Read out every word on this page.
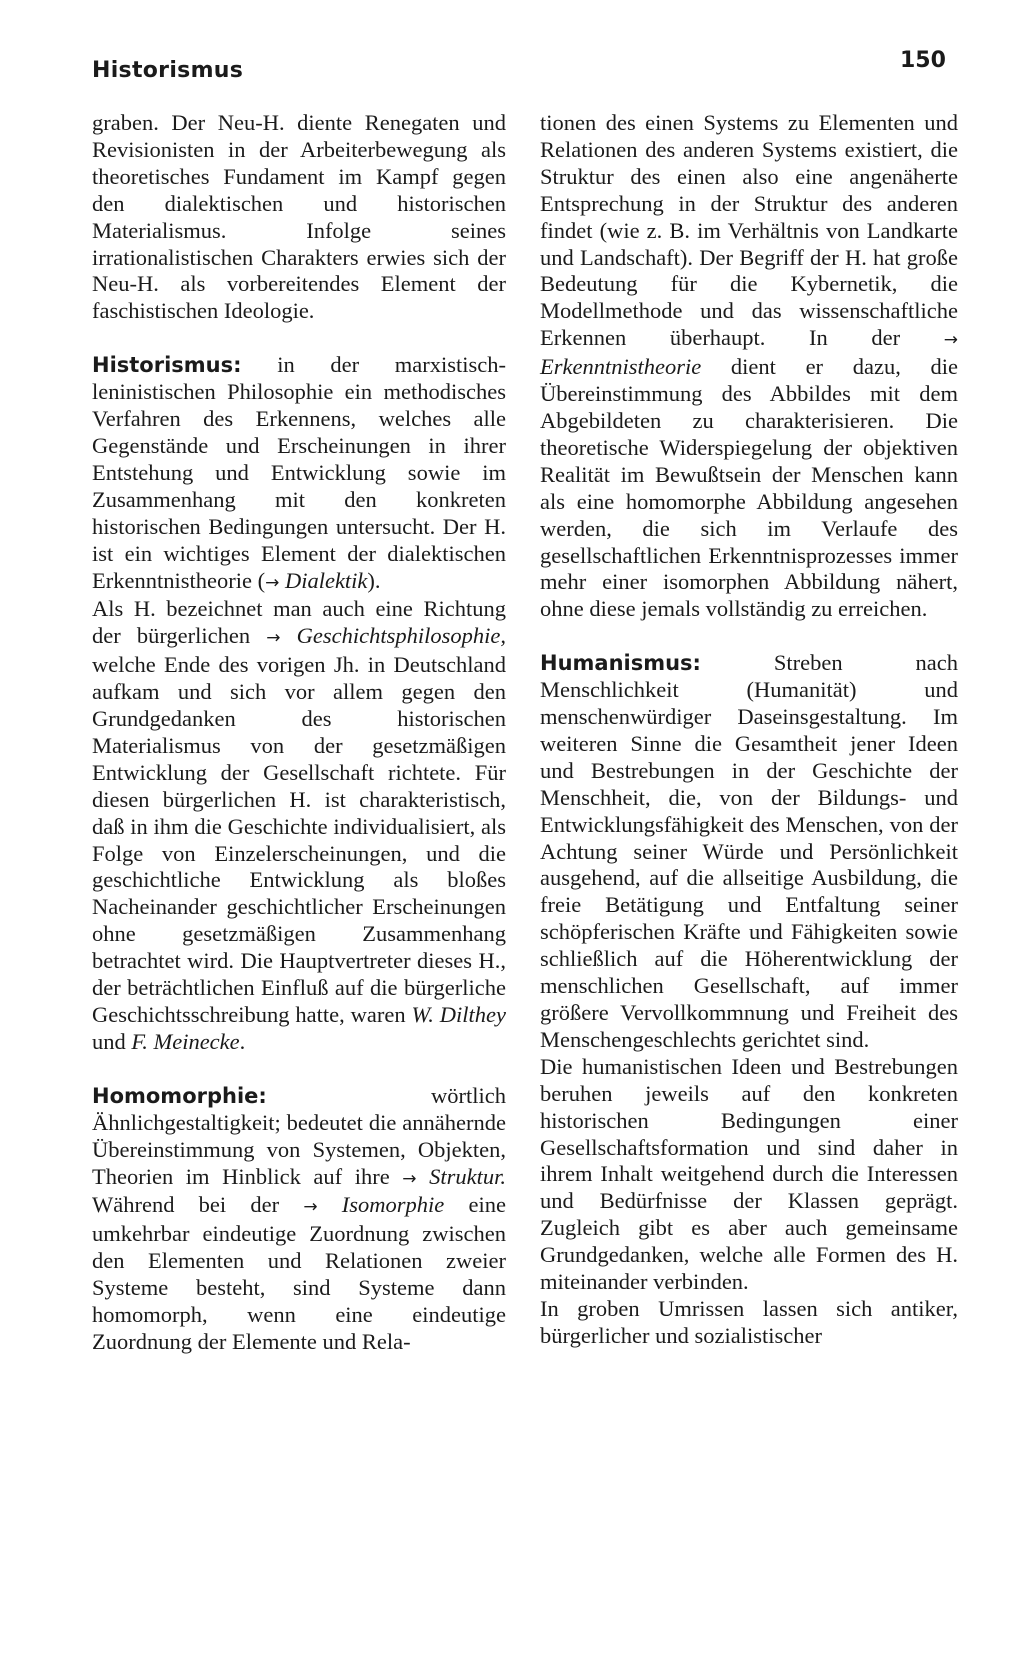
Historismus	150

graben. Der Neu-H. diente Renegaten und Revisionisten in der Arbeiterbewegung als theoretisches Fundament im Kampf gegen den dialektischen und historischen Materialismus. Infolge seines irrationalistischen Charakters erwies sich der Neu-H. als vorbereitendes Element der faschistischen Ideologie.

Historismus: in der marxistisch-leninistischen Philosophie ein methodisches Verfahren des Erkennens, welches alle Gegenstände und Erscheinungen in ihrer Entstehung und Entwicklung sowie im Zusammenhang mit den konkreten historischen Bedingungen untersucht. Der H. ist ein wichtiges Element der dialektischen Erkenntnistheorie (→ Dialektik).

Als H. bezeichnet man auch eine Richtung der bürgerlichen → Geschichtsphilosophie, welche Ende des vorigen Jh. in Deutschland aufkam und sich vor allem gegen den Grundgedanken des historischen Materialismus von der gesetzmäßigen Entwicklung der Gesellschaft richtete. Für diesen bürgerlichen H. ist charakteristisch, daß in ihm die Geschichte individualisiert, als Folge von Einzelerscheinungen, und die geschichtliche Entwicklung als bloßes Nacheinander geschichtlicher Erscheinungen ohne gesetzmäßigen Zusammenhang betrachtet wird. Die Hauptvertreter dieses H., der beträchtlichen Einfluß auf die bürgerliche Geschichtsschreibung hatte, waren W. Dilthey und F. Meinecke.

Homomorphie: wörtlich Ähnlichgestaltigkeit; bedeutet die annähernde Übereinstimmung von Systemen, Objekten, Theorien im Hinblick auf ihre → Struktur. Während bei der → Isomorphie eine umkehrbar eindeutige Zuordnung zwischen den Elementen und Relationen zweier Systeme besteht, sind Systeme dann homomorph, wenn eine eindeutige Zuordnung der Elemente und Rela-

tionen des einen Systems zu Elementen und Relationen des anderen Systems existiert, die Struktur des einen also eine angenäherte Entsprechung in der Struktur des anderen findet (wie z. B. im Verhältnis von Landkarte und Landschaft). Der Begriff der H. hat große Bedeutung für die Kybernetik, die Modellmethode und das wissenschaftliche Erkennen überhaupt. In der → Erkenntnistheorie dient er dazu, die Übereinstimmung des Abbildes mit dem Abgebildeten zu charakterisieren. Die theoretische Widerspiegelung der objektiven Realität im Bewußtsein der Menschen kann als eine homomorphe Abbildung angesehen werden, die sich im Verlaufe des gesellschaftlichen Erkenntnisprozesses immer mehr einer isomorphen Abbildung nähert, ohne diese jemals vollständig zu erreichen.

Humanismus: Streben nach Menschlichkeit (Humanität) und menschenwürdiger Daseinsgestaltung. Im weiteren Sinne die Gesamtheit jener Ideen und Bestrebungen in der Geschichte der Menschheit, die, von der Bildungs- und Entwicklungsfähigkeit des Menschen, von der Achtung seiner Würde und Persönlichkeit ausgehend, auf die allseitige Ausbildung, die freie Betätigung und Entfaltung seiner schöpferischen Kräfte und Fähigkeiten sowie schließlich auf die Höherentwicklung der menschlichen Gesellschaft, auf immer größere Vervollkommnung und Freiheit des Menschengeschlechts gerichtet sind.

Die humanistischen Ideen und Bestrebungen beruhen jeweils auf den konkreten historischen Bedingungen einer Gesellschaftsformation und sind daher in ihrem Inhalt weitgehend durch die Interessen und Bedürfnisse der Klassen geprägt. Zugleich gibt es aber auch gemeinsame Grundgedanken, welche alle Formen des H. miteinander verbinden.

In groben Umrissen lassen sich antiker, bürgerlicher und sozialistischer
